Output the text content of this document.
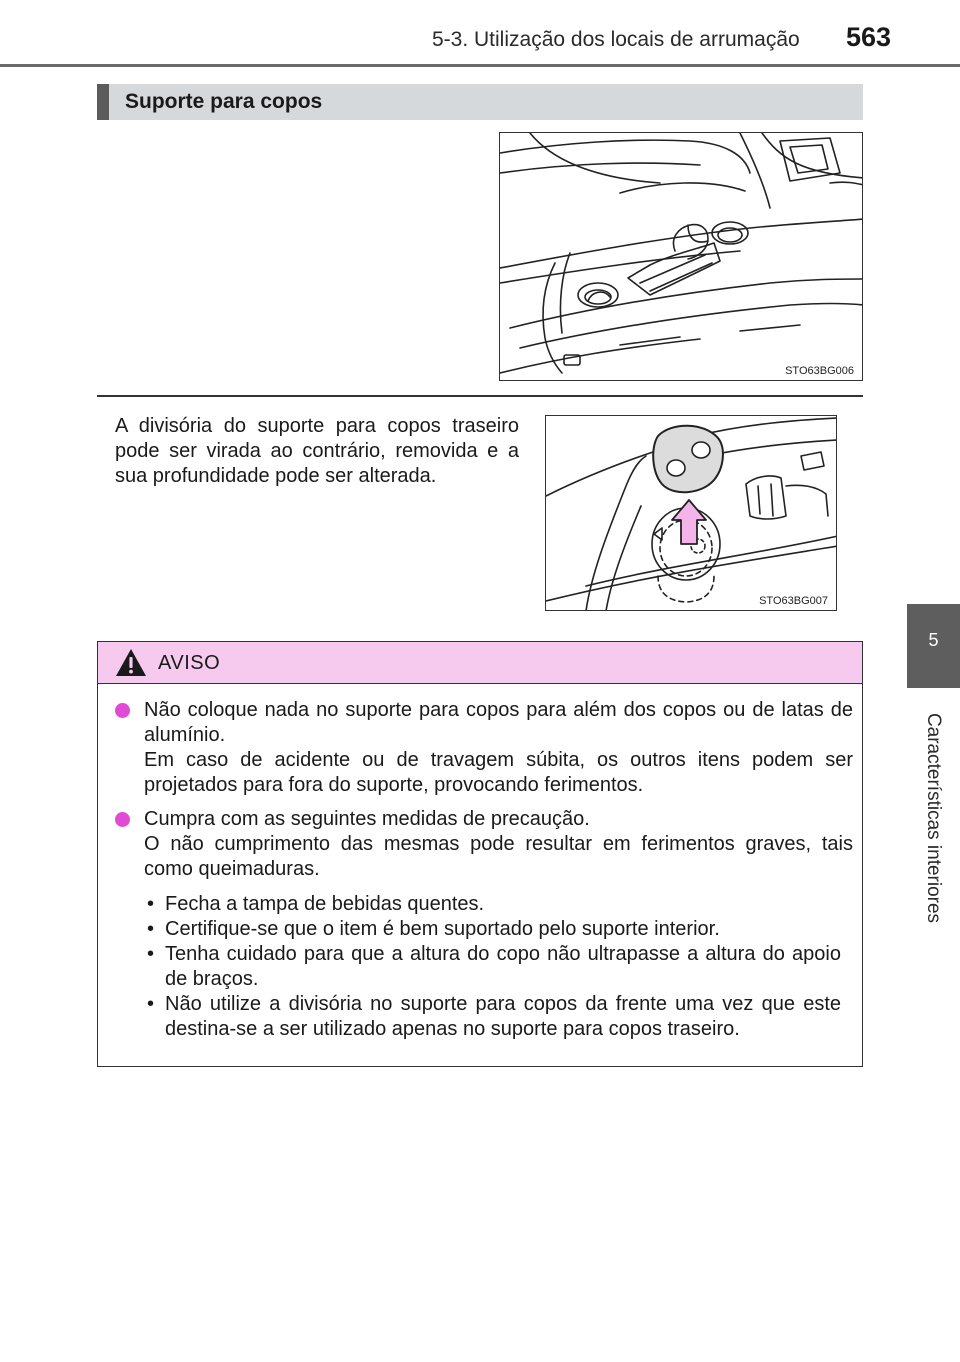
5-3. Utilização dos locais de arrumação 563
5
Características interiores
Suporte para copos
STO63BG006
A divisória do suporte para copos traseiro pode ser virada ao contrário, removida e a sua profundidade pode ser alterada.
STO63BG007
AVISO

Não coloque nada no suporte para copos para além dos copos ou de latas de alumínio.

Em caso de acidente ou de travagem súbita, os outros itens podem ser projetados para fora do suporte, provocando ferimentos.

Cumpra com as seguintes medidas de precaução.

O não cumprimento das mesmas pode resultar em ferimentos graves, tais como queimaduras.

• Fecha a tampa de bebidas quentes.
• Certifique-se que o item é bem suportado pelo suporte interior.
• Tenha cuidado para que a altura do copo não ultrapasse a altura do apoio de braços.
• Não utilize a divisória no suporte para copos da frente uma vez que este destina-se a ser utilizado apenas no suporte para copos traseiro.
